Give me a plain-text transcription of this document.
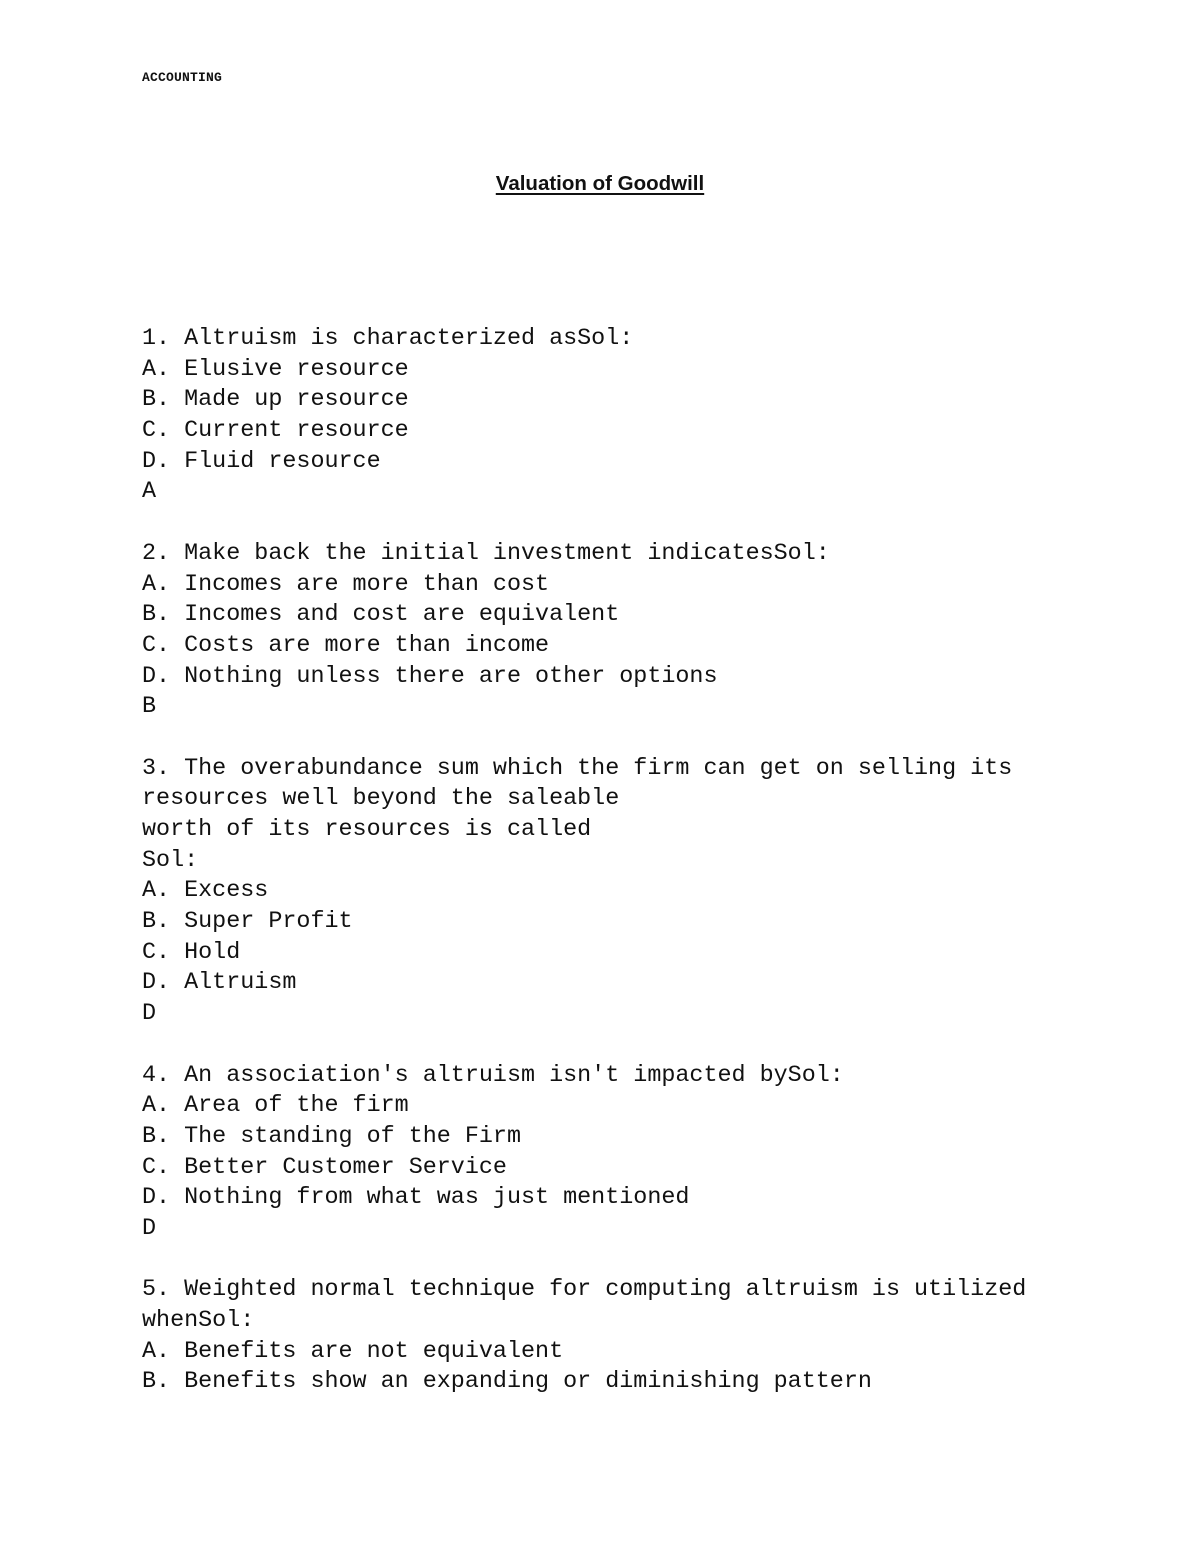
ACCOUNTING
Valuation of Goodwill
1. Altruism is characterized asSol:
A. Elusive resource
B. Made up resource
C. Current resource
D. Fluid resource
A
2. Make back the initial investment indicatesSol:
A. Incomes are more than cost
B. Incomes and cost are equivalent
C. Costs are more than income
D. Nothing unless there are other options
B
3. The overabundance sum which the firm can get on selling its
resources well beyond the saleable
worth of its resources is called
Sol:
A. Excess
B. Super Profit
C. Hold
D. Altruism
D
4. An association's altruism isn't impacted bySol:
A. Area of the firm
B. The standing of the Firm
C. Better Customer Service
D. Nothing from what was just mentioned
D
5. Weighted normal technique for computing altruism is utilized
whenSol:
A. Benefits are not equivalent
B. Benefits show an expanding or diminishing pattern
